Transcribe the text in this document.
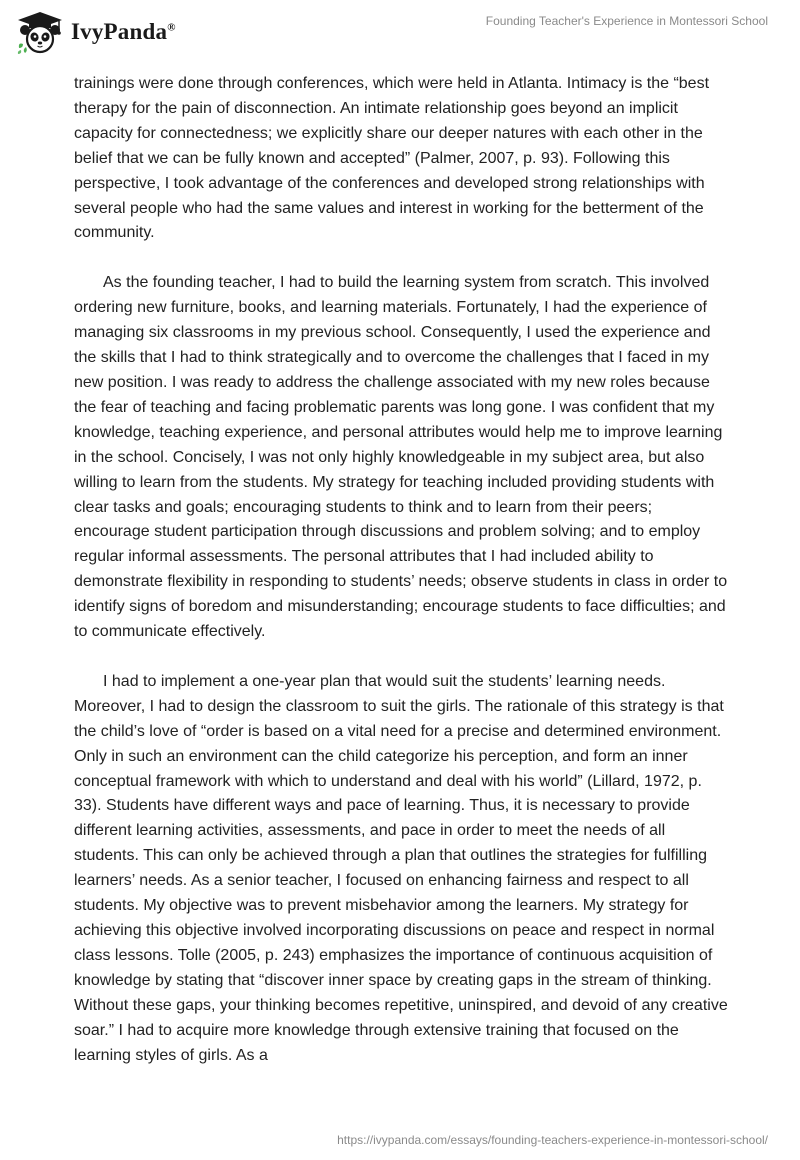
IvyPanda®	Founding Teacher's Experience in Montessori School

trainings were done through conferences, which were held in Atlanta. Intimacy is the “best therapy for the pain of disconnection. An intimate relationship goes beyond an implicit capacity for connectedness; we explicitly share our deeper natures with each other in the belief that we can be fully known and accepted” (Palmer, 2007, p. 93). Following this perspective, I took advantage of the conferences and developed strong relationships with several people who had the same values and interest in working for the betterment of the community.

As the founding teacher, I had to build the learning system from scratch. This involved ordering new furniture, books, and learning materials. Fortunately, I had the experience of managing six classrooms in my previous school. Consequently, I used the experience and the skills that I had to think strategically and to overcome the challenges that I faced in my new position. I was ready to address the challenge associated with my new roles because the fear of teaching and facing problematic parents was long gone. I was confident that my knowledge, teaching experience, and personal attributes would help me to improve learning in the school. Concisely, I was not only highly knowledgeable in my subject area, but also willing to learn from the students. My strategy for teaching included providing students with clear tasks and goals; encouraging students to think and to learn from their peers; encourage student participation through discussions and problem solving; and to employ regular informal assessments. The personal attributes that I had included ability to demonstrate flexibility in responding to students’ needs; observe students in class in order to identify signs of boredom and misunderstanding; encourage students to face difficulties; and to communicate effectively.

I had to implement a one-year plan that would suit the students’ learning needs. Moreover, I had to design the classroom to suit the girls. The rationale of this strategy is that the child’s love of “order is based on a vital need for a precise and determined environment. Only in such an environment can the child categorize his perception, and form an inner conceptual framework with which to understand and deal with his world” (Lillard, 1972, p. 33). Students have different ways and pace of learning. Thus, it is necessary to provide different learning activities, assessments, and pace in order to meet the needs of all students. This can only be achieved through a plan that outlines the strategies for fulfilling learners’ needs. As a senior teacher, I focused on enhancing fairness and respect to all students. My objective was to prevent misbehavior among the learners. My strategy for achieving this objective involved incorporating discussions on peace and respect in normal class lessons. Tolle (2005, p. 243) emphasizes the importance of continuous acquisition of knowledge by stating that “discover inner space by creating gaps in the stream of thinking. Without these gaps, your thinking becomes repetitive, uninspired, and devoid of any creative soar.” I had to acquire more knowledge through extensive training that focused on the learning styles of girls. As a

https://ivypanda.com/essays/founding-teachers-experience-in-montessori-school/
